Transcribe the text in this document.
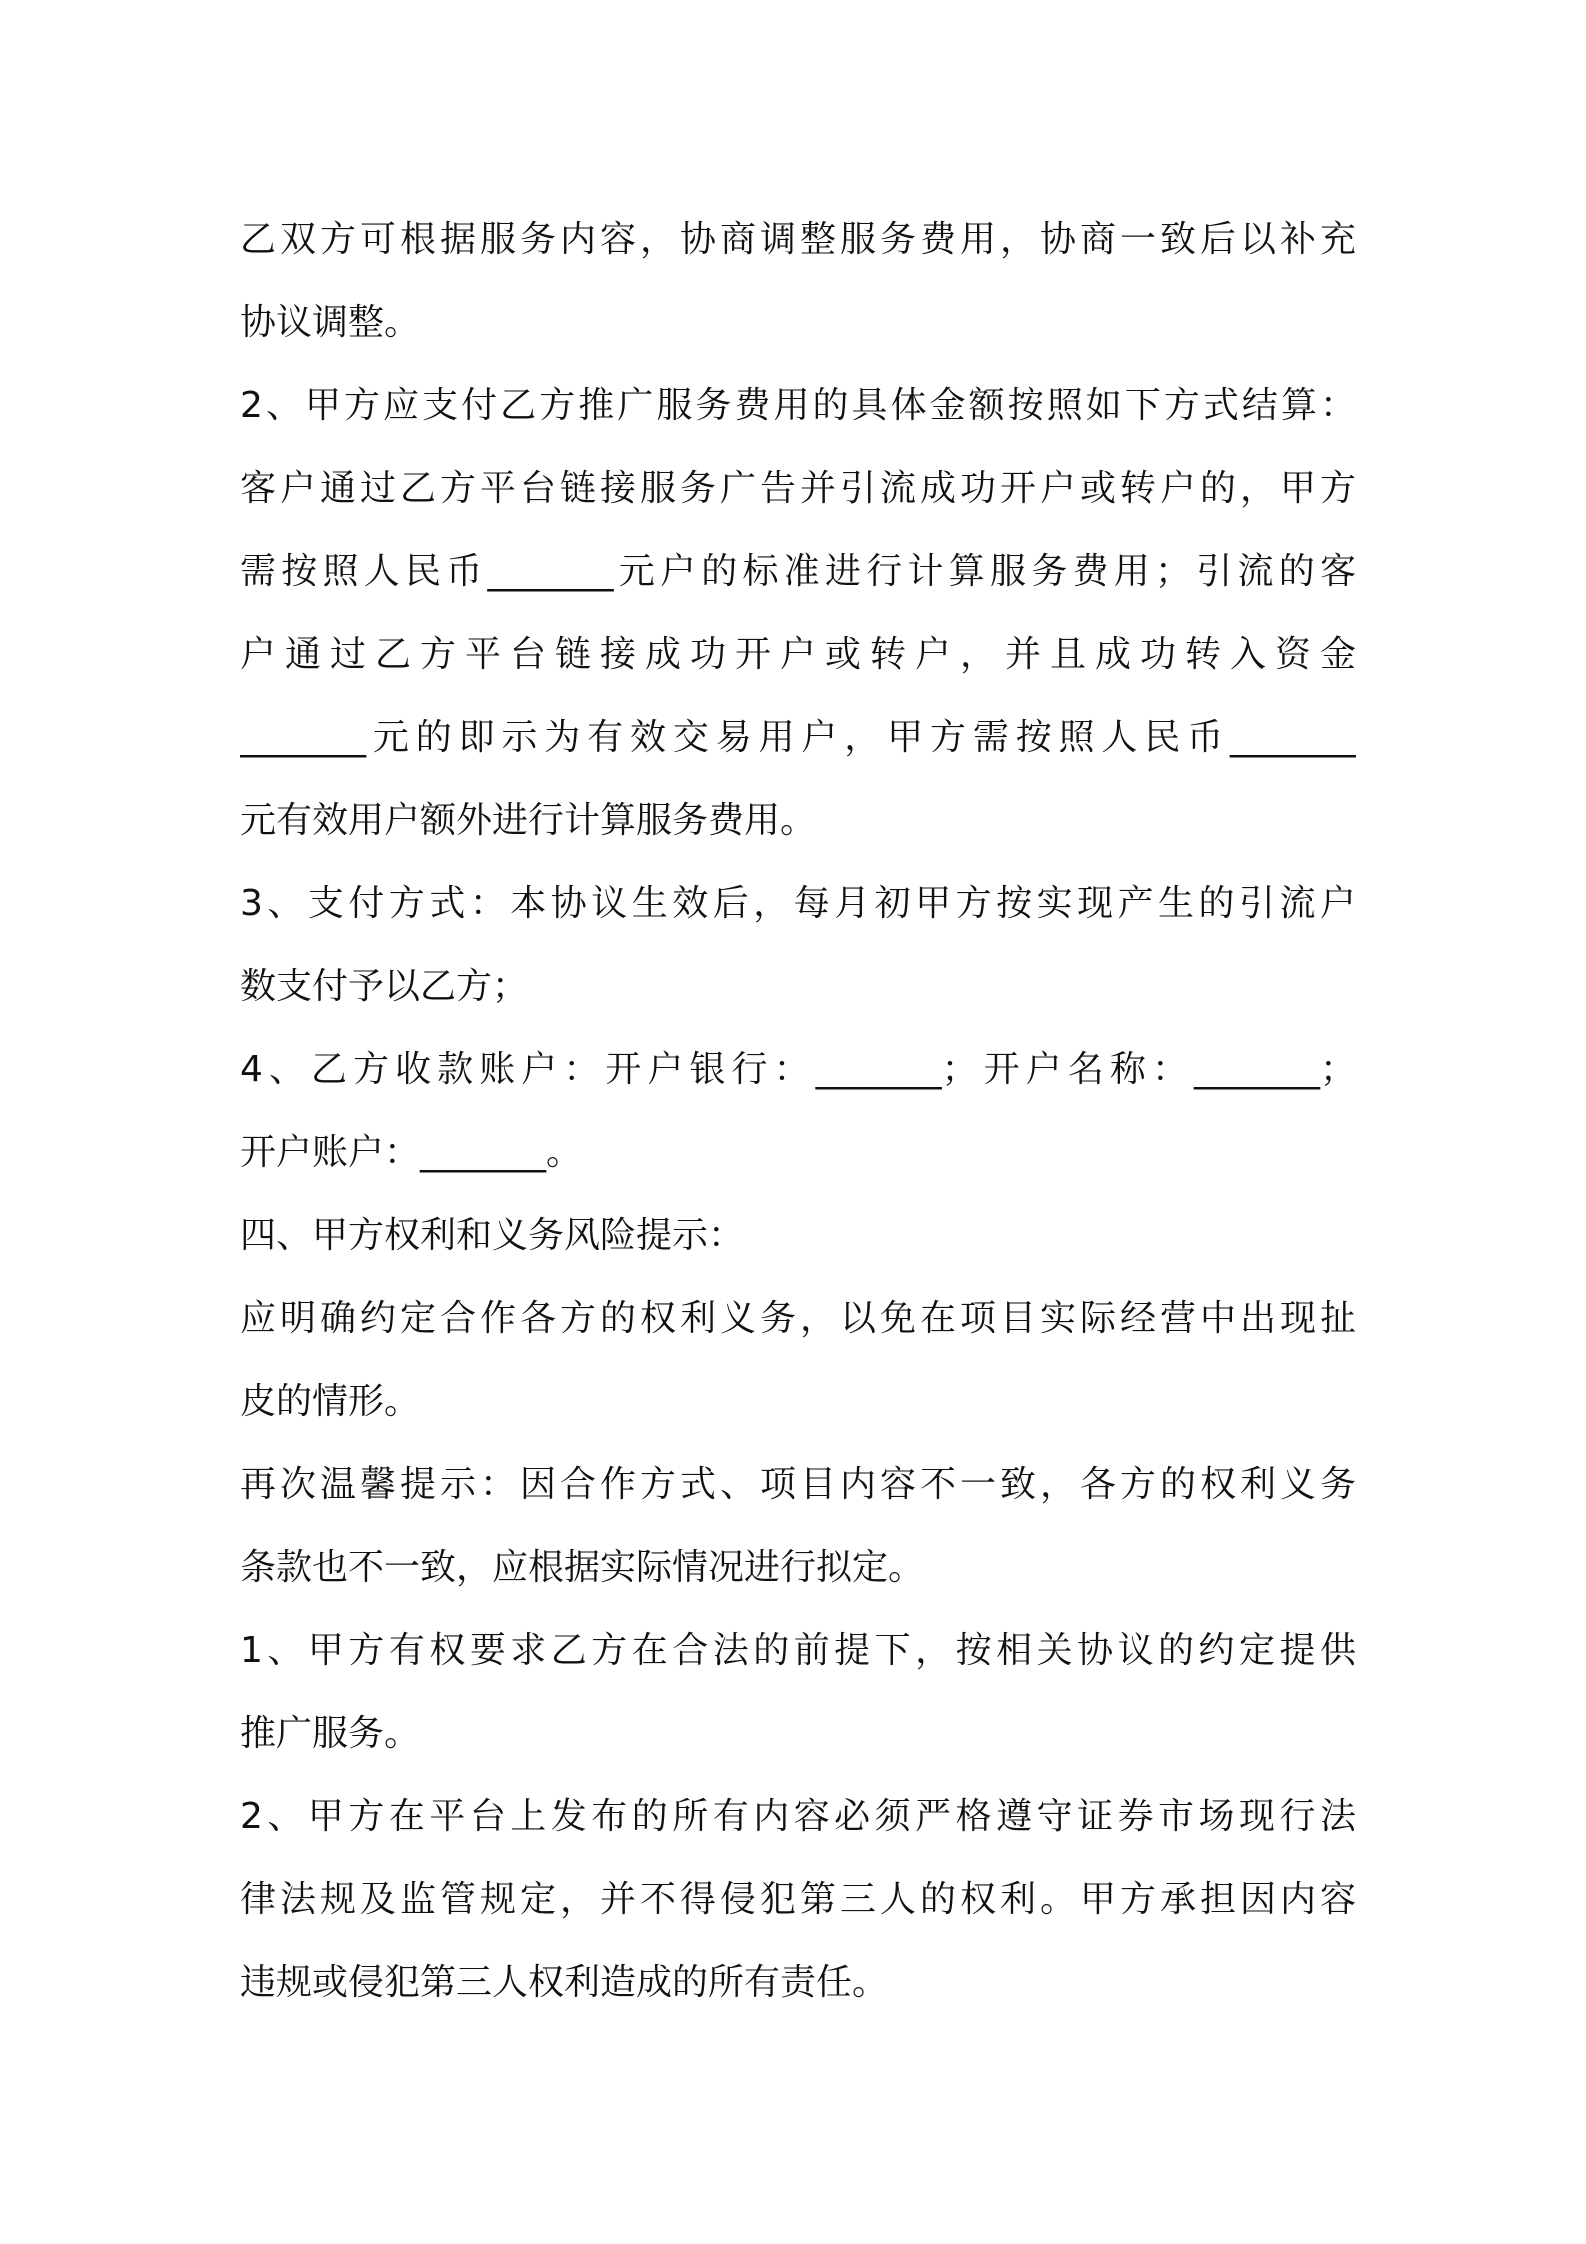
乙双方可根据服务内容，协商调整服务费用，协商一致后以补充
协议调整。
2、甲方应支付乙方推广服务费用的具体金额按照如下方式结算：
客户通过乙方平台链接服务广告并引流成功开户或转户的，甲方
需按照人民币_______元户的标准进行计算服务费用；引流的客
户通过乙方平台链接成功开户或转户，并且成功转入资金
_______元的即示为有效交易用户，甲方需按照人民币_______
元有效用户额外进行计算服务费用。
3、支付方式：本协议生效后，每月初甲方按实现产生的引流户
数支付予以乙方；
4、乙方收款账户：开户银行：_______；开户名称：_______；
开户账户：_______。
四、甲方权利和义务风险提示：
应明确约定合作各方的权利义务，以免在项目实际经营中出现扯
皮的情形。
再次温馨提示：因合作方式、项目内容不一致，各方的权利义务
条款也不一致，应根据实际情况进行拟定。
1、甲方有权要求乙方在合法的前提下，按相关协议的约定提供
推广服务。
2、甲方在平台上发布的所有内容必须严格遵守证券市场现行法
律法规及监管规定，并不得侵犯第三人的权利。甲方承担因内容
违规或侵犯第三人权利造成的所有责任。
